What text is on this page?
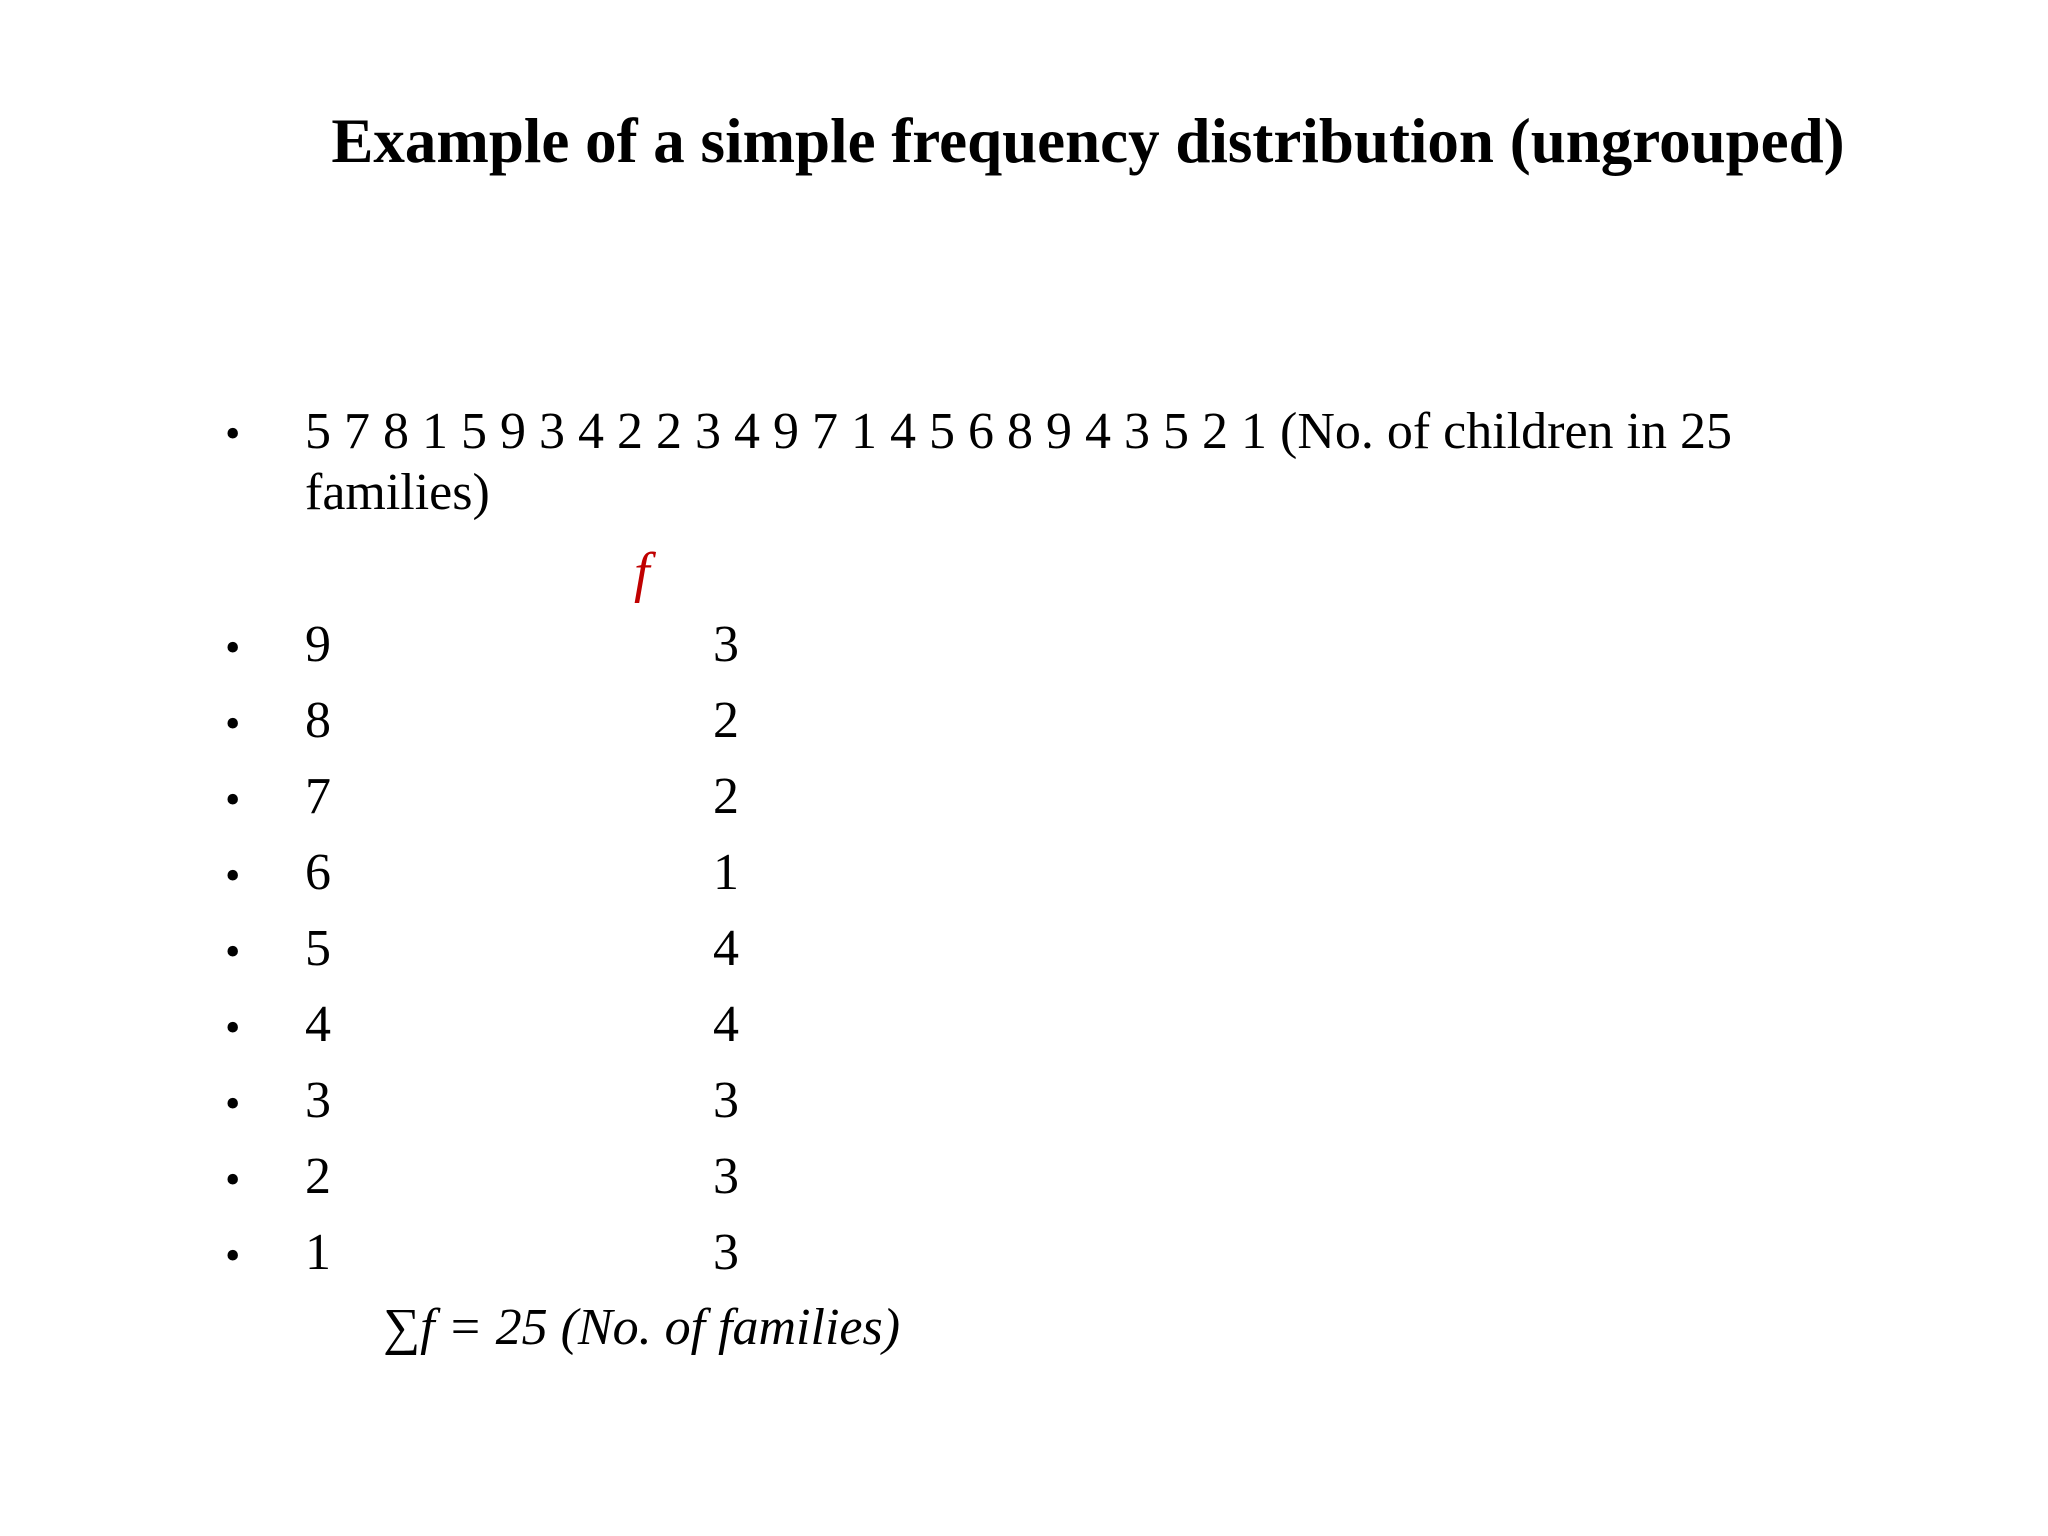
Example of a simple frequency distribution (ungrouped)
• 5 7 8 1 5 9 3 4 2 2 3 4 9 7 1 4 5 6 8 9 4 3 5 2 1 (No. of children in 25
families)
f
• 9	3
• 8	2
• 7	2
• 6	1
• 5	4
• 4	4
• 3	3
• 2	3
• 1	3
∑f = 25 (No. of families)
